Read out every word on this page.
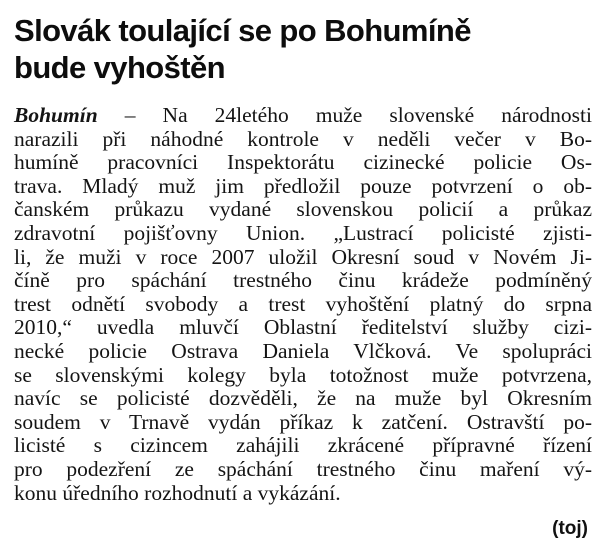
Slovák toulající se po Bohumíně
bude vyhoštěn
Bohumín – Na 24letého muže slovenské národnosti
narazili při náhodné kontrole v neděli večer v Bo-
humíně pracovníci Inspektorátu cizinecké policie Os-
trava. Mladý muž jim předložil pouze potvrzení o ob-
čanském průkazu vydané slovenskou policií a průkaz
zdravotní pojišťovny Union. „Lustrací policisté zjisti-
li, že muži v roce 2007 uložil Okresní soud v Novém Ji-
číně pro spáchání trestného činu krádeže podmíněný
trest odnětí svobody a trest vyhoštění platný do srpna
2010,“ uvedla mluvčí Oblastní ředitelství služby cizi-
necké policie Ostrava Daniela Vlčková. Ve spolupráci
se slovenskými kolegy byla totožnost muže potvrzena,
navíc se policisté dozvěděli, že na muže byl Okresním
soudem v Trnavě vydán příkaz k zatčení. Ostravští po-
licisté s cizincem zahájili zkrácené přípravné řízení
pro podezření ze spáchání trestného činu maření vý-
konu úředního rozhodnutí a vykázání.
(toj)
